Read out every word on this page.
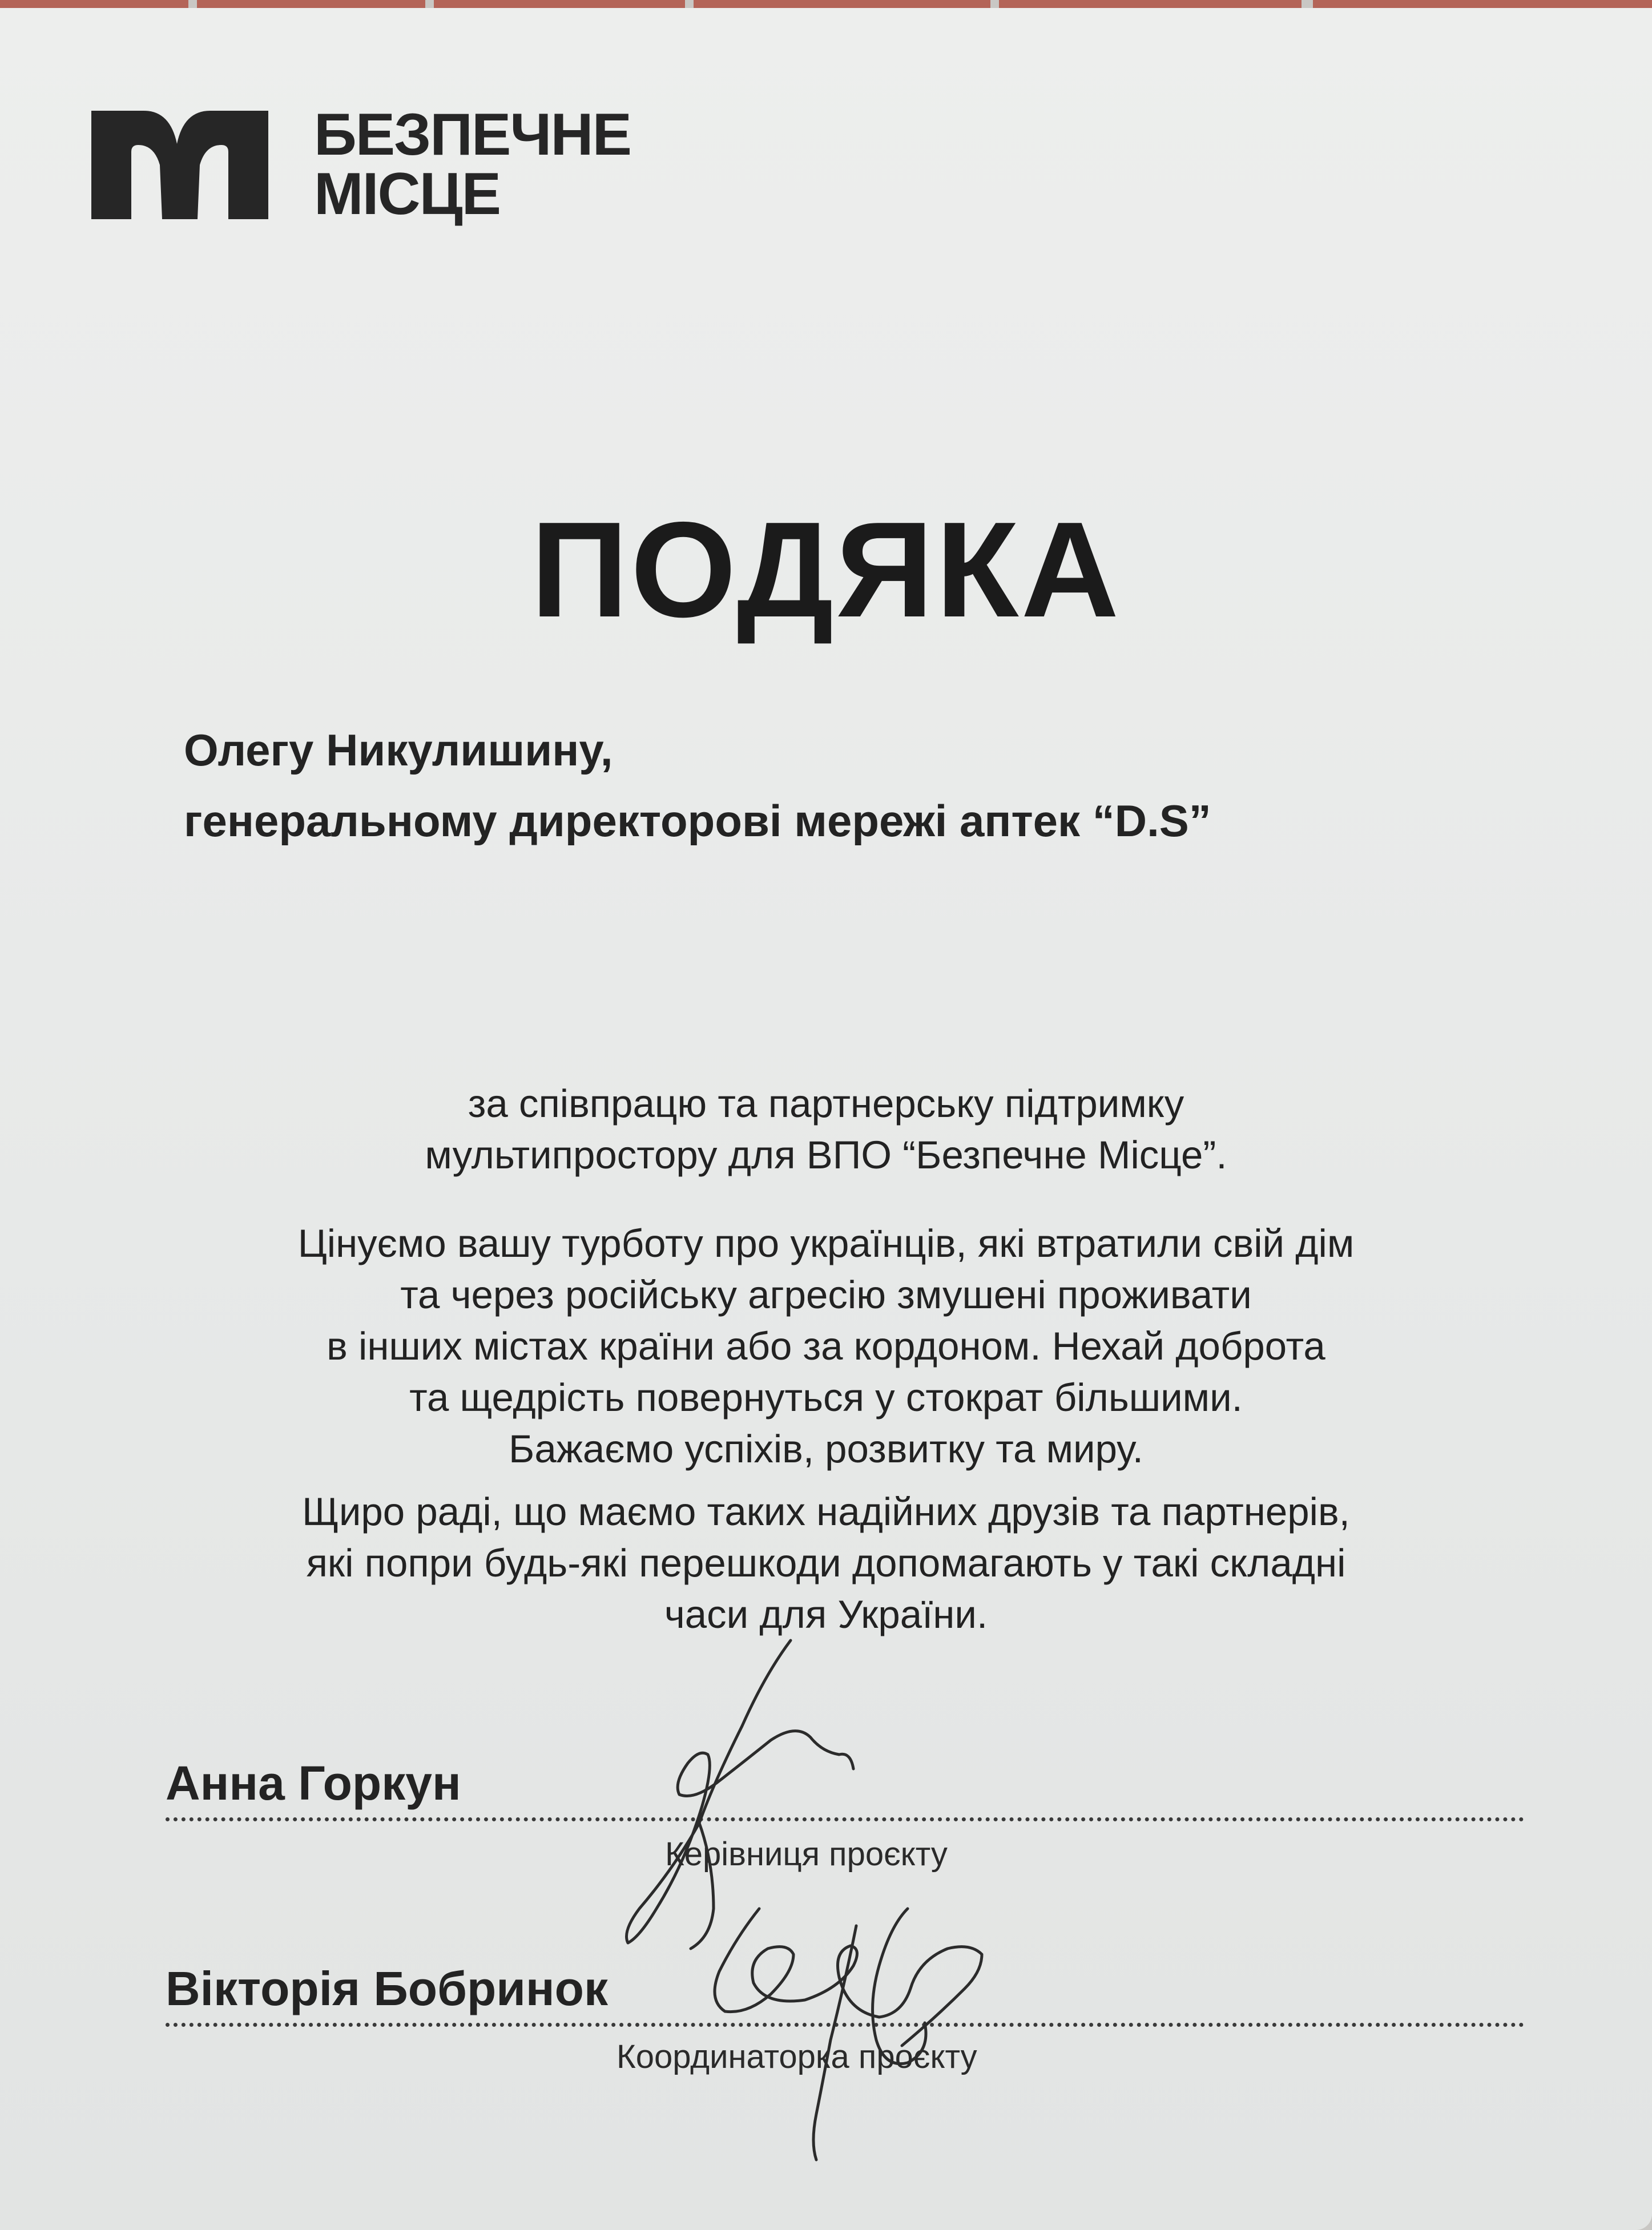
БЕЗПЕЧНЕ
МІСЦЕ
ПОДЯКА
Олегу Никулишину,
генеральному директорові мережі аптек “D.S”
за співпрацю та партнерську підтримку
мультипростору для ВПО “Безпечне Місце”.
Цінуємо вашу турботу про українців, які втратили свій дім
та через російську агресію змушені проживати
в інших містах країни або за кордоном. Нехай доброта
та щедрість повернуться у стократ більшими.
Бажаємо успіхів, розвитку та миру.
Щиро раді, що маємо таких надійних друзів та партнерів,
які попри будь-які перешкоди допомагають у такі складні
часи для України.
Анна Горкун
Керівниця проєкту
Вікторія Бобринок
Координаторка проєкту
